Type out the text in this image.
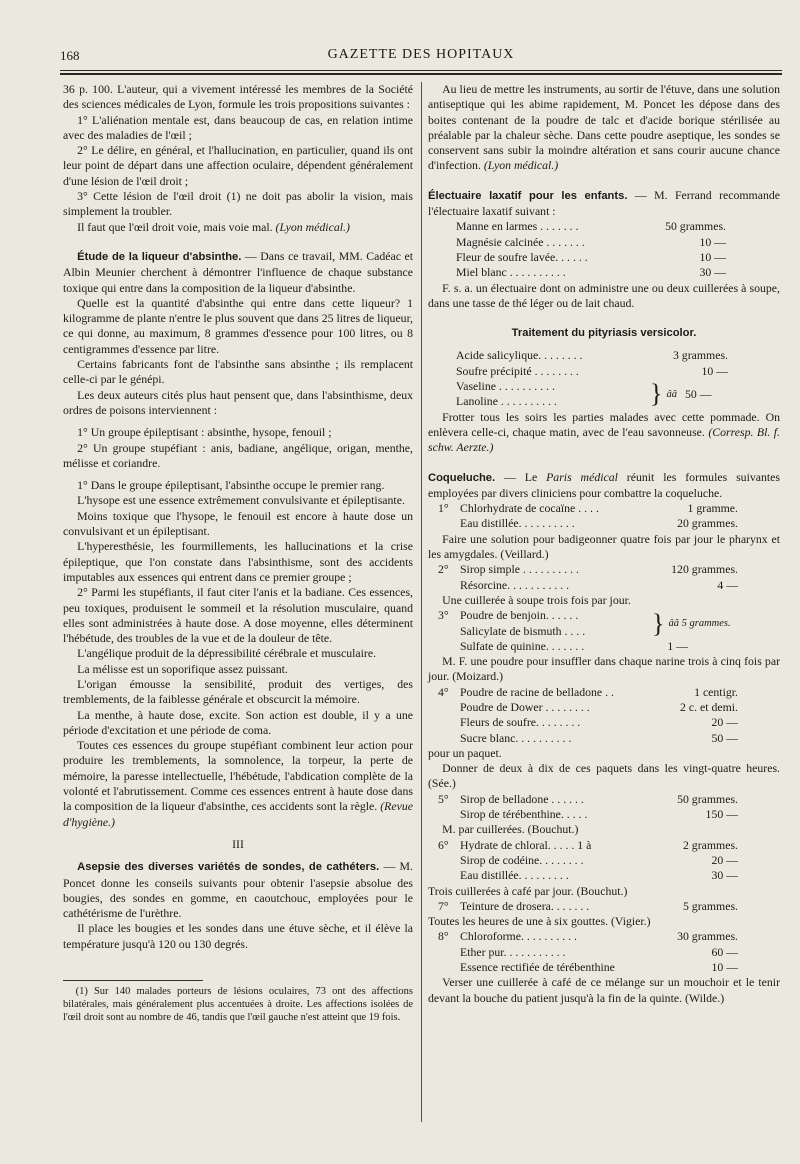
168	GAZETTE DES HOPITAUX

36 p. 100. L'auteur, qui a vivement intéressé les membres de la Société des sciences médicales de Lyon, formule les trois propositions suivantes :

1° L'aliénation mentale est, dans beaucoup de cas, en relation intime avec des maladies de l'œil ;

2° Le délire, en général, et l'hallucination, en particulier, quand ils ont leur point de départ dans une affection oculaire, dépendent généralement d'une lésion de l'œil droit ;

3° Cette lésion de l'œil droit (1) ne doit pas abolir la vision, mais simplement la troubler.

Il faut que l'œil droit voie, mais voie mal. (Lyon médical.)

Étude de la liqueur d'absinthe. — Dans ce travail, MM. Cadéac et Albin Meunier cherchent à démontrer l'influence de chaque substance toxique qui entre dans la composition de la liqueur d'absinthe.

Quelle est la quantité d'absinthe qui entre dans cette liqueur? 1 kilogramme de plante n'entre le plus souvent que dans 25 litres de liqueur, ce qui donne, au maximum, 8 grammes d'essence pour 100 litres, ou 8 centigrammes d'essence par litre.

Certains fabricants font de l'absinthe sans absinthe ; ils remplacent celle-ci par le génépi.

Les deux auteurs cités plus haut pensent que, dans l'absinthisme, deux ordres de poisons interviennent :

1° Un groupe épileptisant : absinthe, hysope, fenouil ;

2° Un groupe stupéfiant : anis, badiane, angélique, origan, menthe, mélisse et coriandre.

1° Dans le groupe épileptisant, l'absinthe occupe le premier rang.

L'hysope est une essence extrêmement convulsivante et épileptisante.

Moins toxique que l'hysope, le fenouil est encore à haute dose un convulsivant et un épileptisant.

L'hyperesthésie, les fourmillements, les hallucinations et la crise épileptique, que l'on constate dans l'absinthisme, sont des accidents imputables aux essences qui entrent dans ce premier groupe ;

2° Parmi les stupéfiants, il faut citer l'anis et la badiane. Ces essences, peu toxiques, produisent le sommeil et la résolution musculaire, quand elles sont administrées à haute dose. A dose moyenne, elles déterminent l'hébétude, des troubles de la vue et de la douleur de tête.

L'angélique produit de la dépressibilité cérébrale et musculaire.

La mélisse est un soporifique assez puissant.

L'origan émousse la sensibilité, produit des vertiges, des tremblements, de la faiblesse générale et obscurcit la mémoire.

La menthe, à haute dose, excite. Son action est double, il y a une période d'excitation et une période de coma.

Toutes ces essences du groupe stupéfiant combinent leur action pour produire les tremblements, la somnolence, la torpeur, la perte de mémoire, la paresse intellectuelle, l'hébétude, l'abdication complète de la volonté et l'abrutissement. Comme ces essences entrent à haute dose dans la composition de la liqueur d'absinthe, ces accidents sont la règle. (Revue d'hygiène.)

III

Asepsie des diverses variétés de sondes, de cathéters. — M. Poncet donne les conseils suivants pour obtenir l'asepsie absolue des bougies, des sondes en gomme, en caoutchouc, employées pour le cathétérisme de l'urèthre.

Il place les bougies et les sondes dans une étuve sèche, et il élève la température jusqu'à 120 ou 130 degrés.

(1) Sur 140 malades porteurs de lésions oculaires, 73 ont des affections bilatérales, mais généralement plus accentuées à droite. Les affections isolées de l'œil droit sont au nombre de 46, tandis que l'œil gauche n'est atteint que 19 fois.

Au lieu de mettre les instruments, au sortir de l'étuve, dans une solution antiseptique qui les abime rapidement, M. Poncet les dépose dans des boites contenant de la poudre de talc et d'acide borique stérilisée au préalable par la chaleur sèche. Dans cette poudre aseptique, les sondes se conservent sans subir la moindre altération et sans courir aucune chance d'infection. (Lyon médical.)

Électuaire laxatif pour les enfants. — M. Ferrand recommande l'électuaire laxatif suivant :

Manne en larmes . . . . . . .	50 grammes.
Magnésie calcinée . . . . . . .	10 —
Fleur de soufre lavée. . . . . .	10 —
Miel blanc . . . . . . . . . .	30 —

F. s. a. un électuaire dont on administre une ou deux cuillerées à soupe, dans une tasse de thé léger ou de lait chaud.

Traitement du pityriasis versicolor.

Acide salicylique. . . . . . . .	3 grammes.
Soufre précipité . . . . . . . .	10 —
Vaseline . . . . . . . . . .
Lanoline . . . . . . . . . .	} ââ 50 —

Frotter tous les soirs les parties malades avec cette pommade. On enlèvera celle-ci, chaque matin, avec de l'eau savonneuse. (Corresp. Bl. f. schw. Aerzte.)

Coqueluche. — Le Paris médical réunit les formules suivantes employées par divers cliniciens pour combattre la coqueluche.

1° Chlorhydrate de cocaïne . . . .	1 gramme.
Eau distillée. . . . . . . . . .	20 grammes.

Faire une solution pour badigeonner quatre fois par jour le pharynx et les amygdales. (Veillard.)

2° Sirop simple . . . . . . . . . .	120 grammes.
Résorcine. . . . . . . . . . .	4 —

Une cuillerée à soupe trois fois par jour.

3° Poudre de benjoin. . . . . .
Salicylate de bismuth . . . .	} ââ 5 grammes.
Sulfate de quinine. . . . . . .	1 —

M. F. une poudre pour insuffler dans chaque narine trois à cinq fois par jour. (Moizard.)

4° Poudre de racine de belladone . .	1 centigr.
Poudre de Dower . . . . . . . .	2 c. et demi.
Fleurs de soufre. . . . . . . .	20 —
Sucre blanc. . . . . . . . . .	50 —

pour un paquet.

Donner de deux à dix de ces paquets dans les vingt-quatre heures. (Sée.)

5° Sirop de belladone . . . . . .	50 grammes.
Sirop de térébenthine. . . . .	150 —

M. par cuillerées. (Bouchut.)

6° Hydrate de chloral. . . . . 1 à	2 grammes.
Sirop de codéine. . . . . . . .	20 —
Eau distillée. . . . . . . . .	30 —

Trois cuillerées à café par jour. (Bouchut.)

7° Teinture de drosera. . . . . . .	5 grammes.

Toutes les heures de une à six gouttes. (Vigier.)

8° Chloroforme. . . . . . . . . .	30 grammes.
Ether pur. . . . . . . . . . .	60 —
Essence rectifiée de térébenthine	10 —

Verser une cuillerée à café de ce mélange sur un mouchoir et le tenir devant la bouche du patient jusqu'à la fin de la quinte. (Wilde.)
